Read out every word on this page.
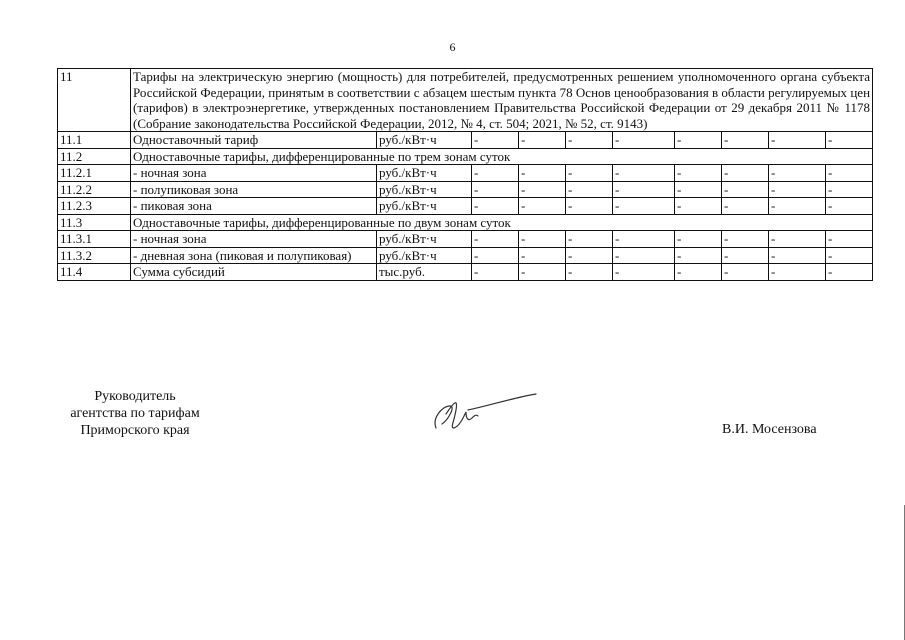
6
11	Тарифы на электрическую энергию (мощность) для потребителей, предусмотренных решением уполномоченного органа субъекта Российской Федерации, принятым в соответствии с абзацем шестым пункта 78 Основ ценообразования в области регулируемых цен (тарифов) в электроэнергетике, утвержденных постановлением Правительства Российской Федерации от 29 декабря 2011 № 1178 (Собрание законодательства Российской Федерации, 2012, № 4, ст. 504; 2021, № 52, ст. 9143)									
11.1	Одноставочный тариф	руб./кВт·ч	-	-	-	-	-	-	-	-
11.2	Одноставочные тарифы, дифференцированные по трем зонам суток									
11.2.1	- ночная зона	руб./кВт·ч	-	-	-	-	-	-	-	-
11.2.2	- полупиковая зона	руб./кВт·ч	-	-	-	-	-	-	-	-
11.2.3	- пиковая зона	руб./кВт·ч	-	-	-	-	-	-	-	-
11.3	Одноставочные тарифы, дифференцированные по двум зонам суток									
11.3.1	- ночная зона	руб./кВт·ч	-	-	-	-	-	-	-	-
11.3.2	- дневная зона (пиковая и полупиковая)	руб./кВт·ч	-	-	-	-	-	-	-	-
11.4	Сумма субсидий	тыс.руб.	-	-	-	-	-	-	-	-
Руководитель
агентства по тарифам
Приморского края	В.И. Мосензова
